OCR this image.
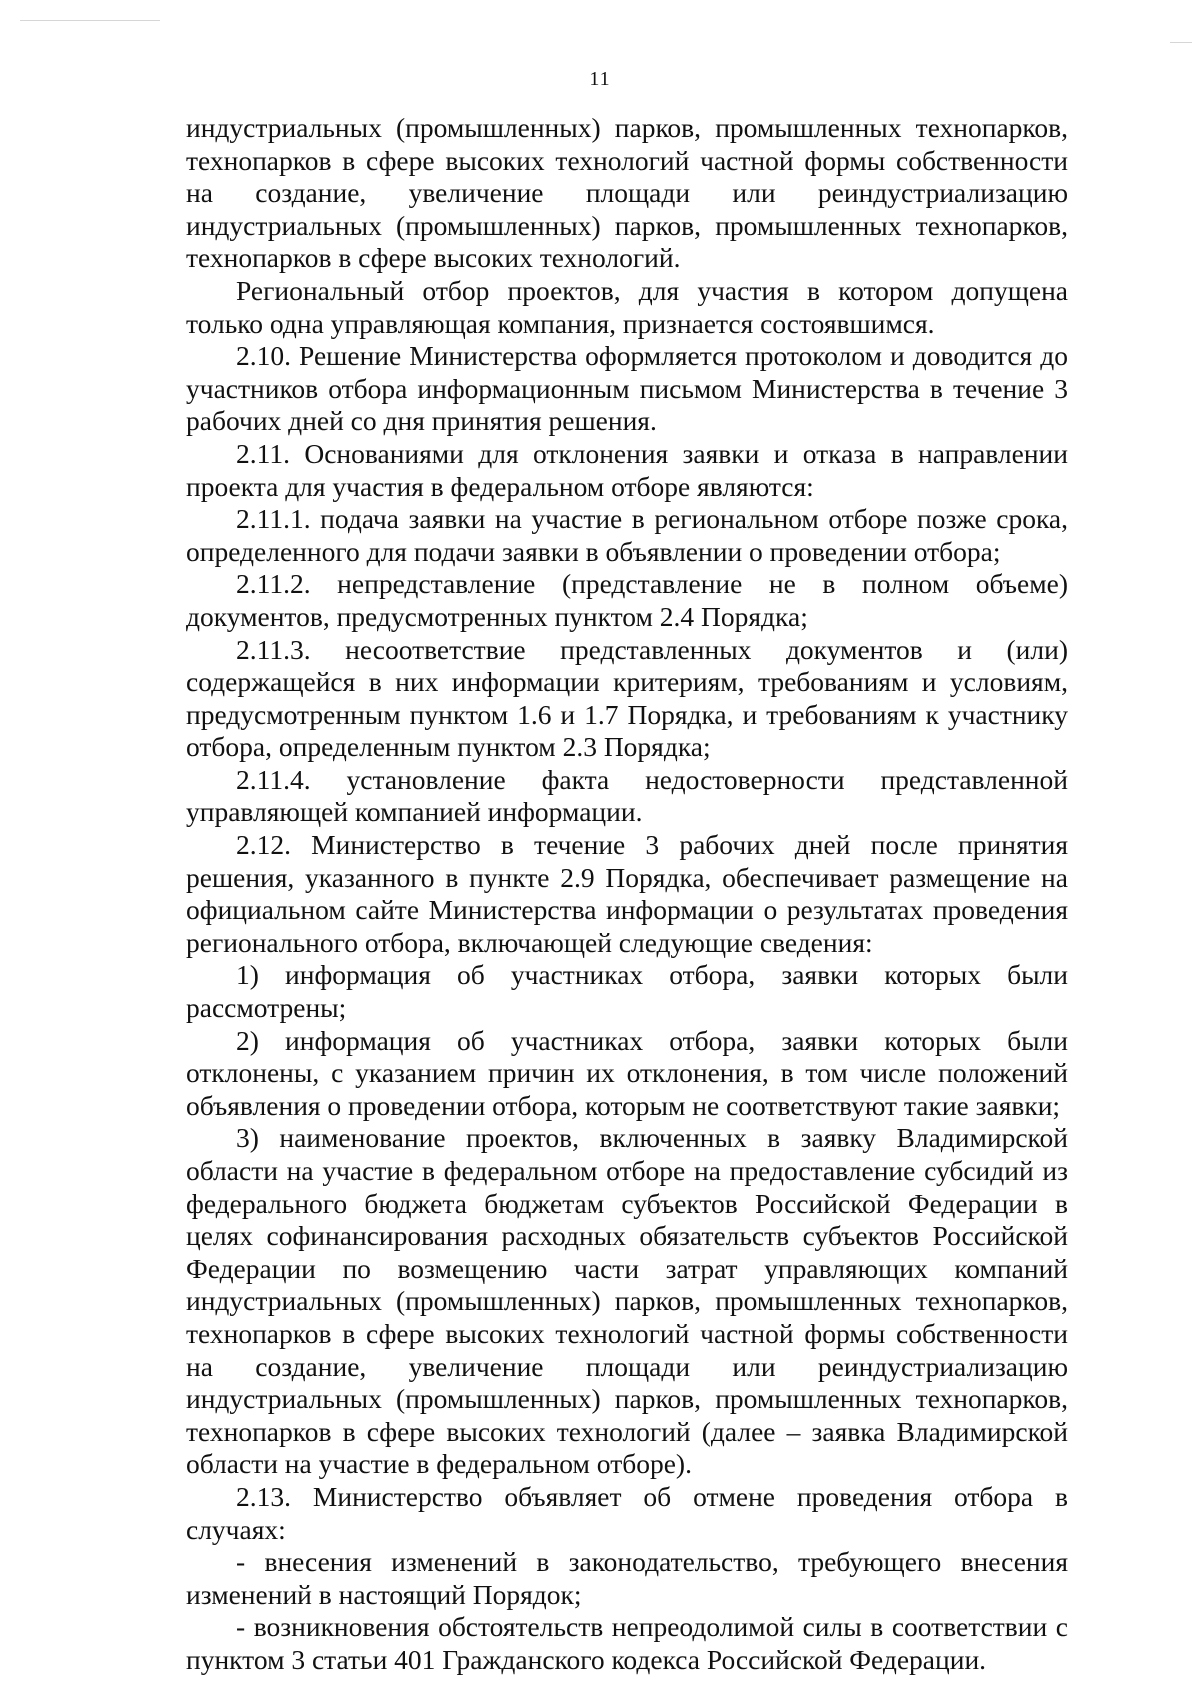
11

индустриальных (промышленных) парков, промышленных технопарков, технопарков в сфере высоких технологий частной формы собственности на создание, увеличение площади или реиндустриализацию индустриальных (промышленных) парков, промышленных технопарков, технопарков в сфере высоких технологий.

Региональный отбор проектов, для участия в котором допущена только одна управляющая компания, признается состоявшимся.

2.10. Решение Министерства оформляется протоколом и доводится до участников отбора информационным письмом Министерства в течение 3 рабочих дней со дня принятия решения.

2.11. Основаниями для отклонения заявки и отказа в направлении проекта для участия в федеральном отборе являются:

2.11.1. подача заявки на участие в региональном отборе позже срока, определенного для подачи заявки в объявлении о проведении отбора;

2.11.2. непредставление (представление не в полном объеме) документов, предусмотренных пунктом 2.4 Порядка;

2.11.3. несоответствие представленных документов и (или) содержащейся в них информации критериям, требованиям и условиям, предусмотренным пунктом 1.6 и 1.7 Порядка, и требованиям к участнику отбора, определенным пунктом 2.3 Порядка;

2.11.4. установление факта недостоверности представленной управляющей компанией информации.

2.12. Министерство в течение 3 рабочих дней после принятия решения, указанного в пункте 2.9 Порядка, обеспечивает размещение на официальном сайте Министерства информации о результатах проведения регионального отбора, включающей следующие сведения:

1) информация об участниках отбора, заявки которых были рассмотрены;

2) информация об участниках отбора, заявки которых были отклонены, с указанием причин их отклонения, в том числе положений объявления о проведении отбора, которым не соответствуют такие заявки;

3) наименование проектов, включенных в заявку Владимирской области на участие в федеральном отборе на предоставление субсидий из федерального бюджета бюджетам субъектов Российской Федерации в целях софинансирования расходных обязательств субъектов Российской Федерации по возмещению части затрат управляющих компаний индустриальных (промышленных) парков, промышленных технопарков, технопарков в сфере высоких технологий частной формы собственности на создание, увеличение площади или реиндустриализацию индустриальных (промышленных) парков, промышленных технопарков, технопарков в сфере высоких технологий (далее – заявка Владимирской области на участие в федеральном отборе).

2.13. Министерство объявляет об отмене проведения отбора в случаях:

- внесения изменений в законодательство, требующего внесения изменений в настоящий Порядок;

- возникновения обстоятельств непреодолимой силы в соответствии с пунктом 3 статьи 401 Гражданского кодекса Российской Федерации.
